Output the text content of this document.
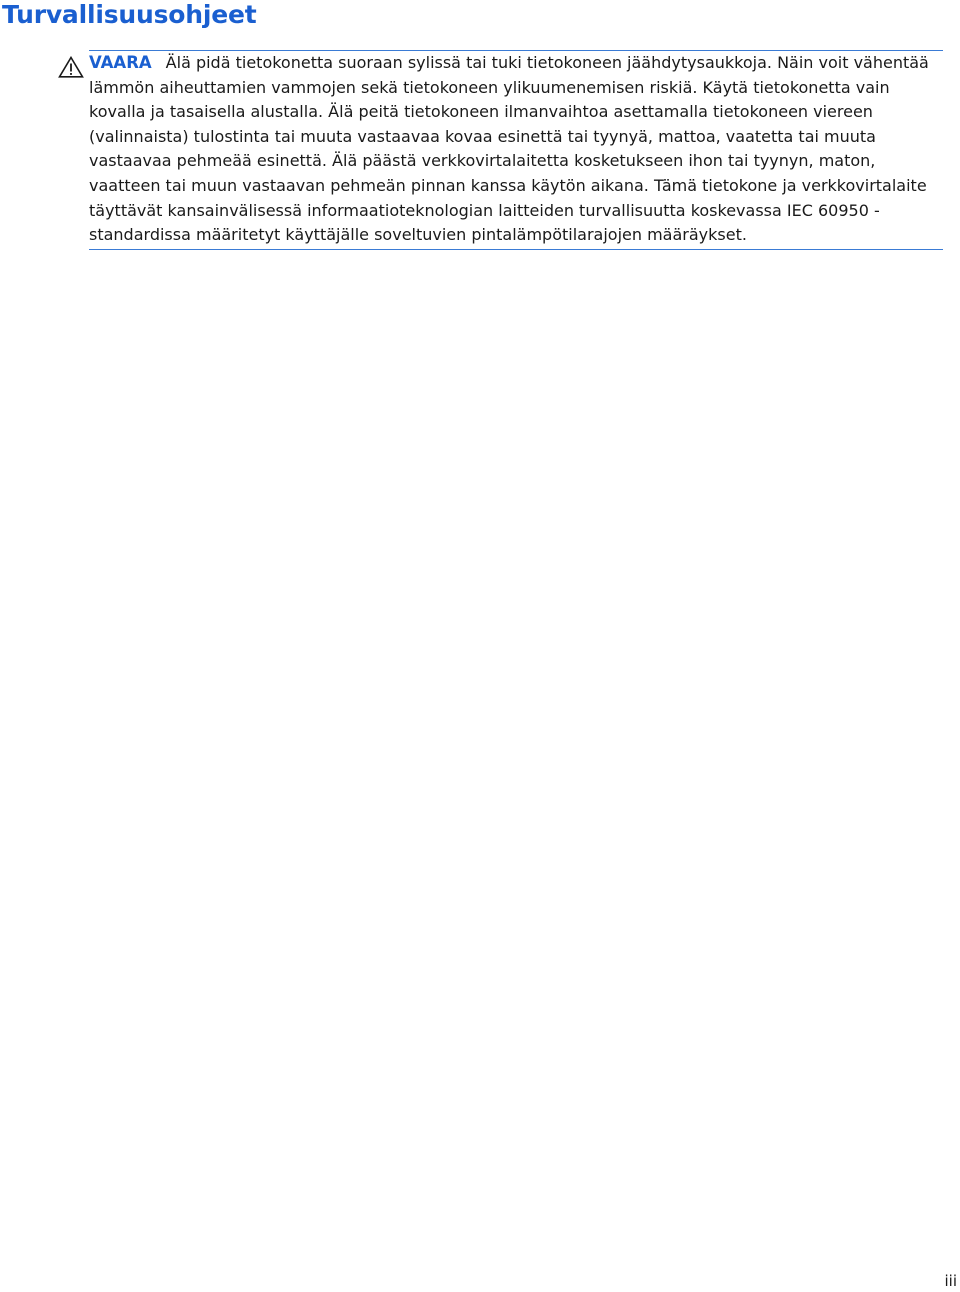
Turvallisuusohjeet

VAARA Älä pidä tietokonetta suoraan sylissä tai tuki tietokoneen jäähdytysaukkoja. Näin voit vähentää lämmön aiheuttamien vammojen sekä tietokoneen ylikuumenemisen riskiä. Käytä tietokonetta vain kovalla ja tasaisella alustalla. Älä peitä tietokoneen ilmanvaihtoa asettamalla tietokoneen viereen (valinnaista) tulostinta tai muuta vastaavaa kovaa esinettä tai tyynyä, mattoa, vaatetta tai muuta vastaavaa pehmeää esinettä. Älä päästä verkkovirtalaitetta kosketukseen ihon tai tyynyn, maton, vaatteen tai muun vastaavan pehmeän pinnan kanssa käytön aikana. Tämä tietokone ja verkkovirtalaite täyttävät kansainvälisessä informaatioteknologian laitteiden turvallisuutta koskevassa IEC 60950 -standardissa määritetyt käyttäjälle soveltuvien pintalämpötilarajojen määräykset.

iii
